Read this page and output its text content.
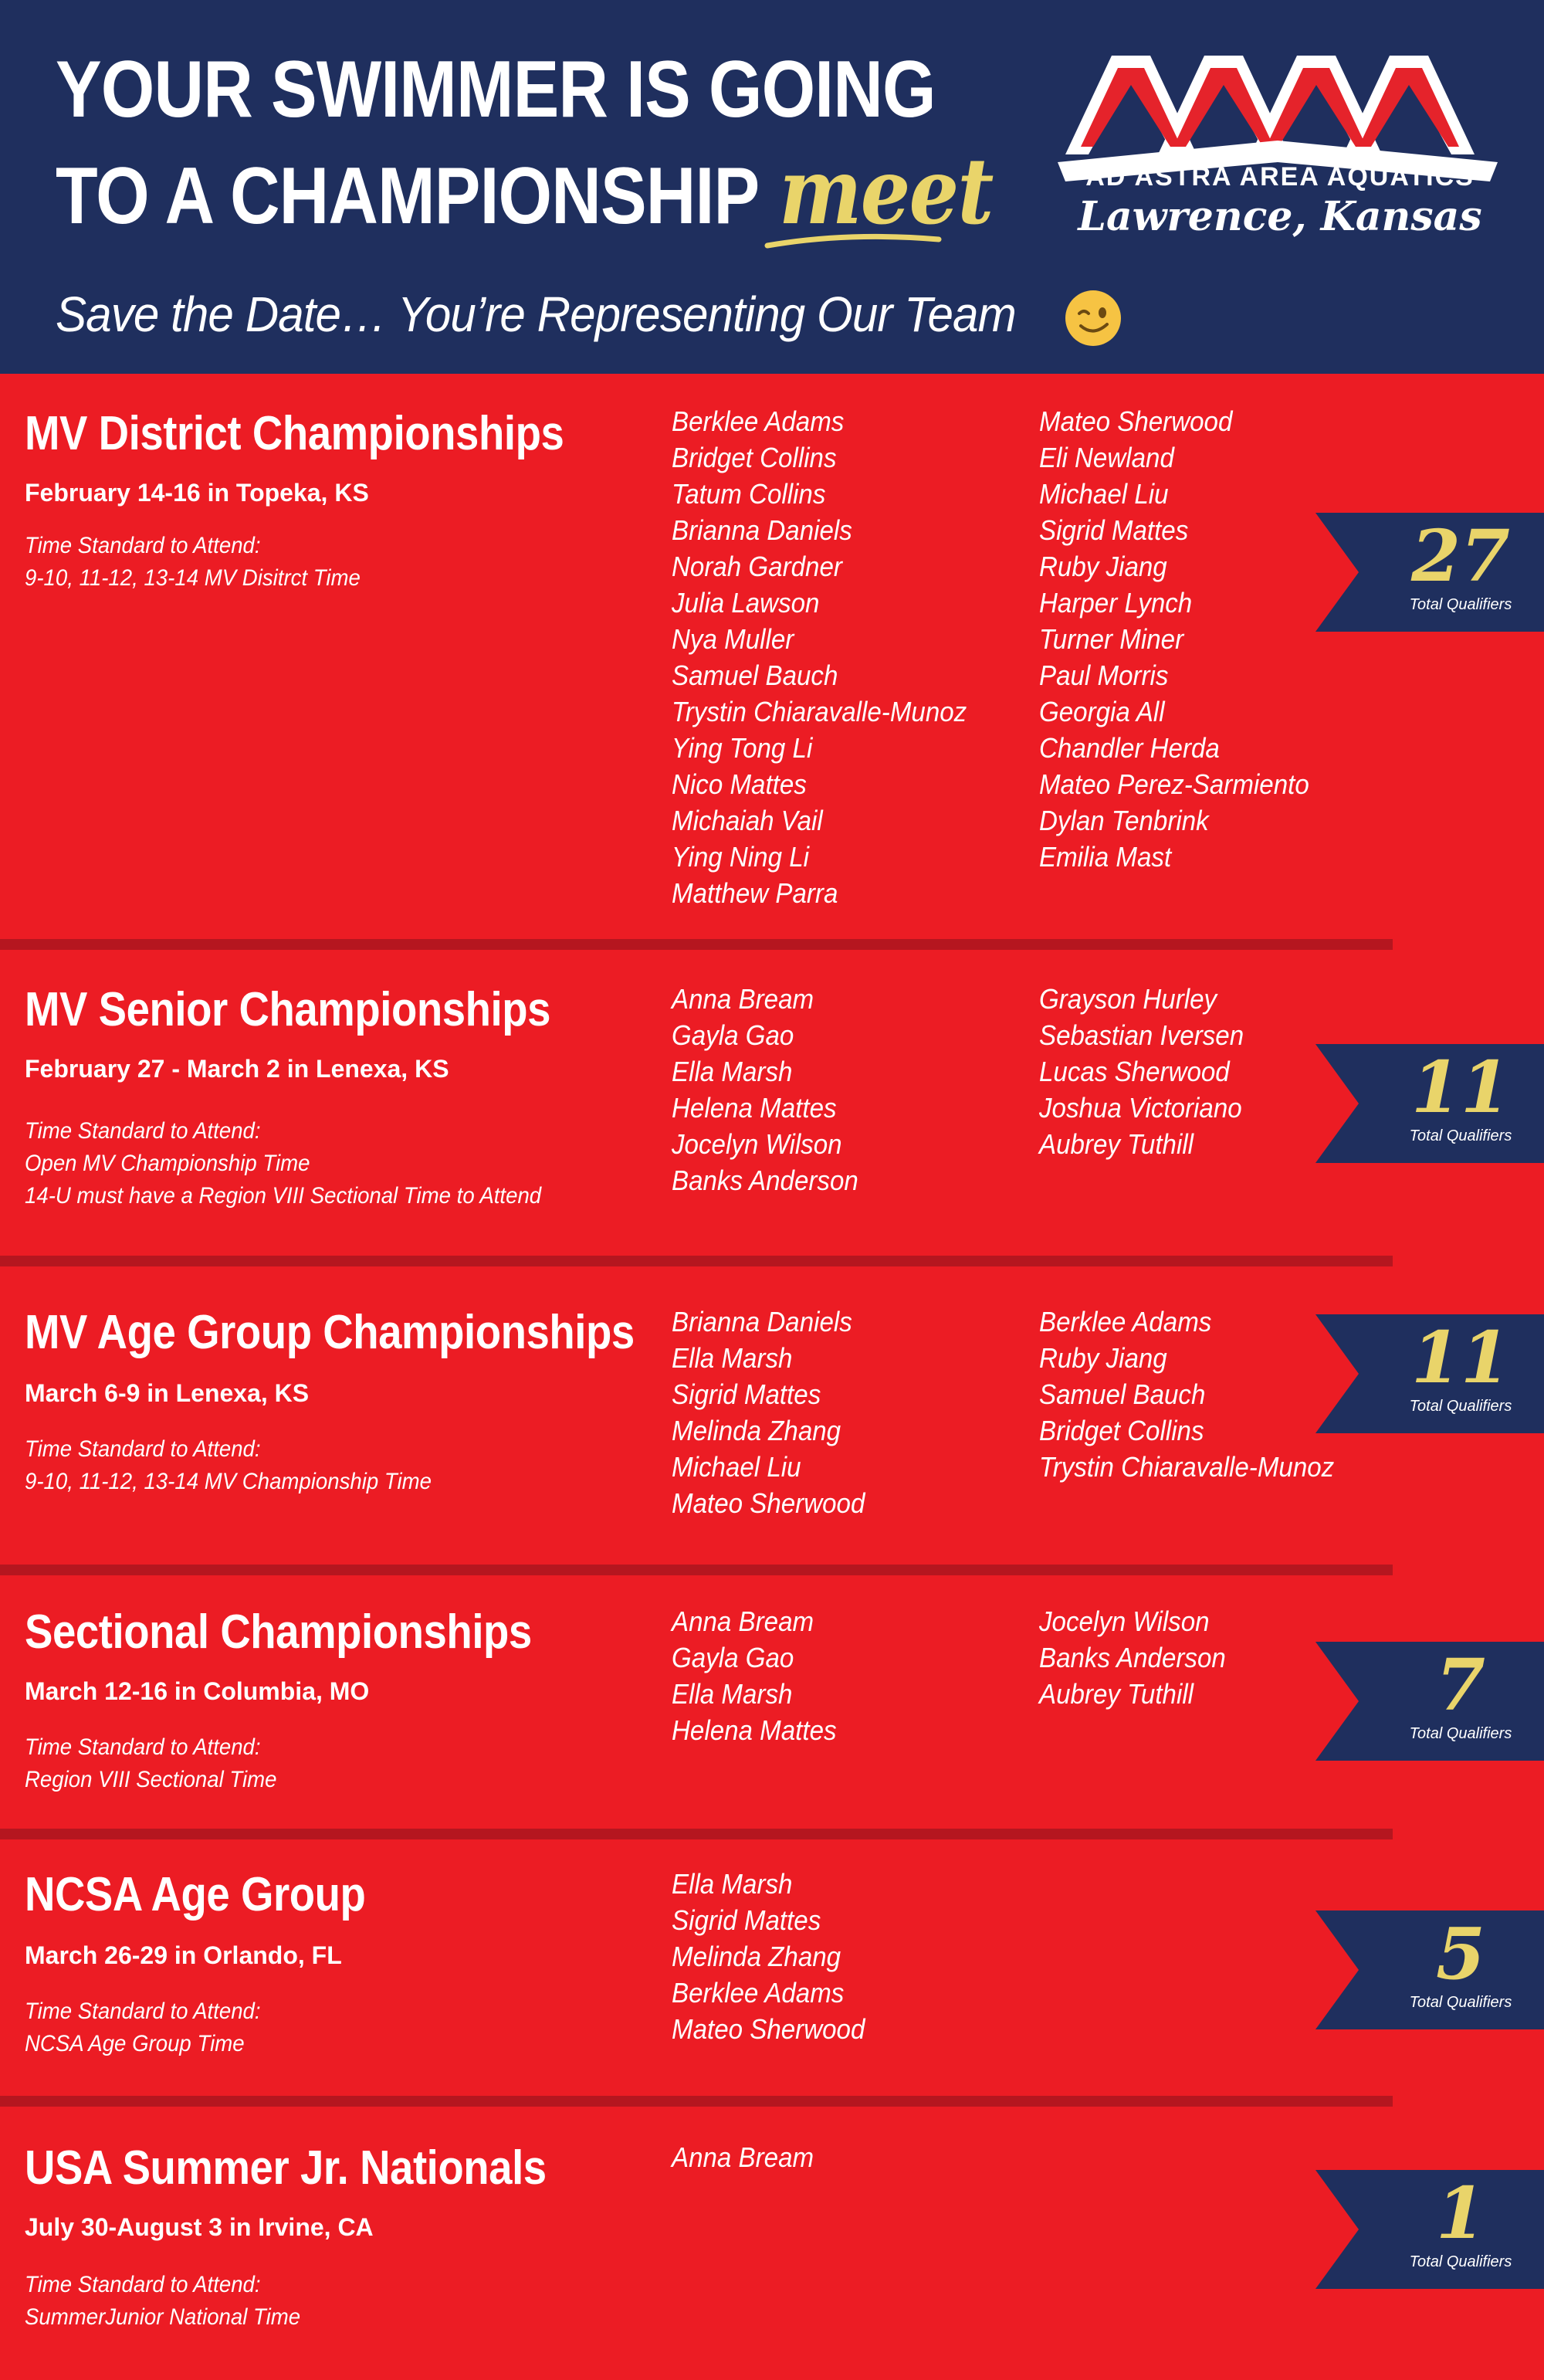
YOUR SWIMMER IS GOING
TO A CHAMPIONSHIP meet
Save the Date… You’re Representing Our Team
AD ASTRA AREA AQUATICS
Lawrence, Kansas
MV District Championships
February 14-16 in Topeka, KS
Time Standard to Attend:
9-10, 11-12, 13-14 MV Disitrct Time
Berklee Adams
Bridget Collins
Tatum Collins
Brianna Daniels
Norah Gardner
Julia Lawson
Nya Muller
Samuel Bauch
Trystin Chiaravalle-Munoz
Ying Tong Li
Nico Mattes
Michaiah Vail
Ying Ning Li
Matthew Parra
Mateo Sherwood
Eli Newland
Michael Liu
Sigrid Mattes
Ruby Jiang
Harper Lynch
Turner Miner
Paul Morris
Georgia All
Chandler Herda
Mateo Perez-Sarmiento
Dylan Tenbrink
Emilia Mast
27
Total Qualifiers
MV Senior Championships
February 27 - March 2 in Lenexa, KS
Time Standard to Attend:
Open MV Championship Time
14-U must have a Region VIII Sectional Time to Attend
Anna Bream
Gayla Gao
Ella Marsh
Helena Mattes
Jocelyn Wilson
Banks Anderson
Grayson Hurley
Sebastian Iversen
Lucas Sherwood
Joshua Victoriano
Aubrey Tuthill
11
Total Qualifiers
MV Age Group Championships
March 6-9 in Lenexa, KS
Time Standard to Attend:
9-10, 11-12, 13-14 MV Championship Time
Brianna Daniels
Ella Marsh
Sigrid Mattes
Melinda Zhang
Michael Liu
Mateo Sherwood
Berklee Adams
Ruby Jiang
Samuel Bauch
Bridget Collins
Trystin Chiaravalle-Munoz
11
Total Qualifiers
Sectional Championships
March 12-16 in Columbia, MO
Time Standard to Attend:
Region VIII Sectional Time
Anna Bream
Gayla Gao
Ella Marsh
Helena Mattes
Jocelyn Wilson
Banks Anderson
Aubrey Tuthill	7
Total Qualifiers
NCSA Age Group
March 26-29 in Orlando, FL
Time Standard to Attend:
NCSA Age Group Time
Ella Marsh
Sigrid Mattes
Melinda Zhang
Berklee Adams
Mateo Sherwood
5
Total Qualifiers
USA Summer Jr. Nationals
July 30-August 3 in Irvine, CA
Time Standard to Attend:
SummerJunior National Time
Anna Bream
1
Total Qualifiers
